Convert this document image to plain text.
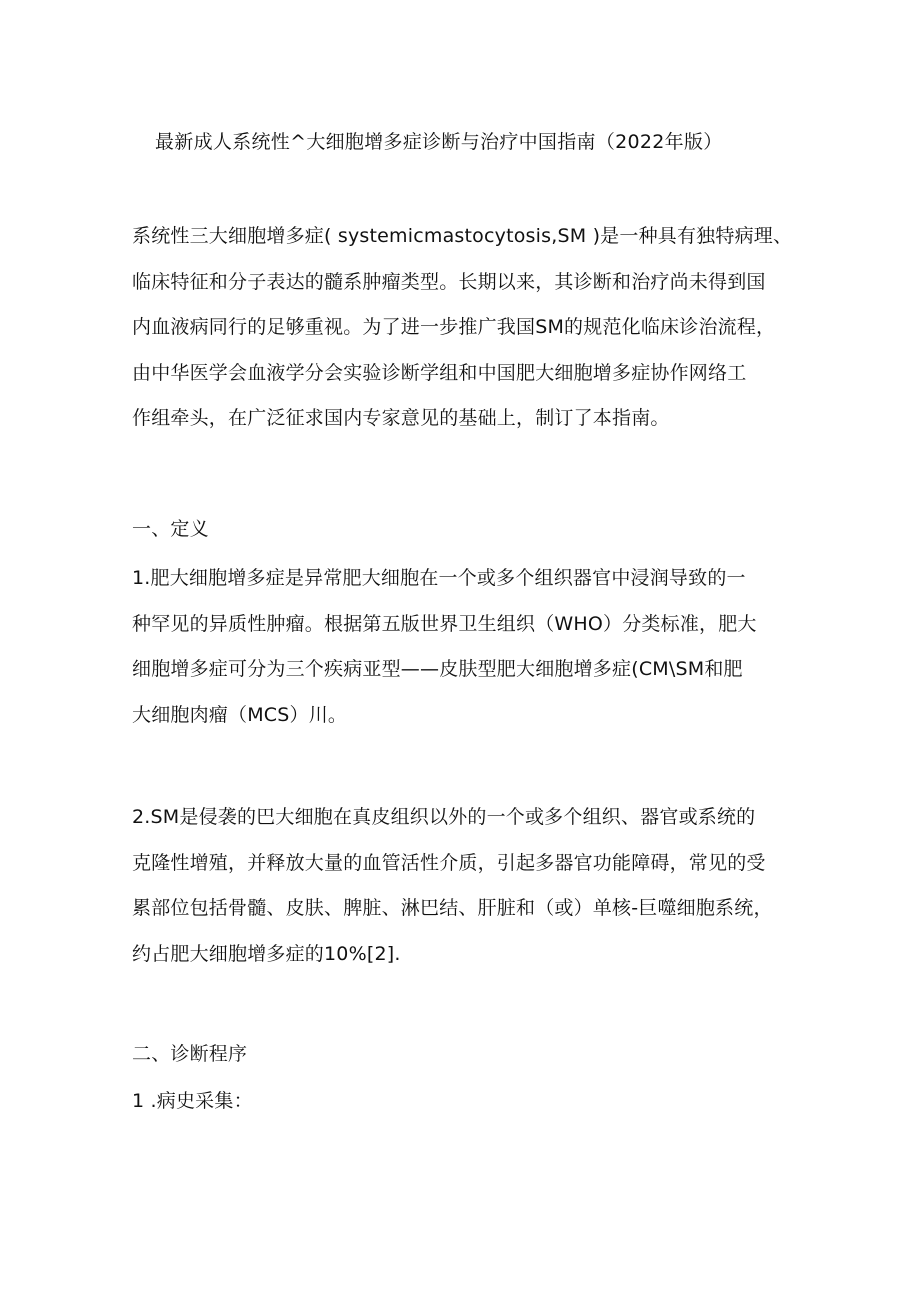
最新成人系统性^大细胞增多症诊断与治疗中国指南（2022年版）
系统性三大细胞增多症( systemicmastocytosis,SM )是一种具有独特病理、
临床特征和分子表达的髓系肿瘤类型。长期以来，其诊断和治疗尚未得到国
内血液病同行的足够重视。为了进一步推广我国SM的规范化临床诊治流程，
由中华医学会血液学分会实验诊断学组和中国肥大细胞增多症协作网络工
作组牵头，在广泛征求国内专家意见的基础上，制订了本指南。
一、定义
1.肥大细胞增多症是异常肥大细胞在一个或多个组织器官中浸润导致的一
种罕见的异质性肿瘤。根据第五版世界卫生组织（WHO）分类标准，肥大
细胞增多症可分为三个疾病亚型——皮肤型肥大细胞增多症(CM\SM和肥
大细胞肉瘤（MCS）川。
2.SM是侵袭的巴大细胞在真皮组织以外的一个或多个组织、器官或系统的
克隆性增殖，并释放大量的血管活性介质，引起多器官功能障碍，常见的受
累部位包括骨髓、皮肤、脾脏、淋巴结、肝脏和（或）单核-巨噬细胞系统，
约占肥大细胞增多症的10%[2].
二、诊断程序
1 .病史采集：
